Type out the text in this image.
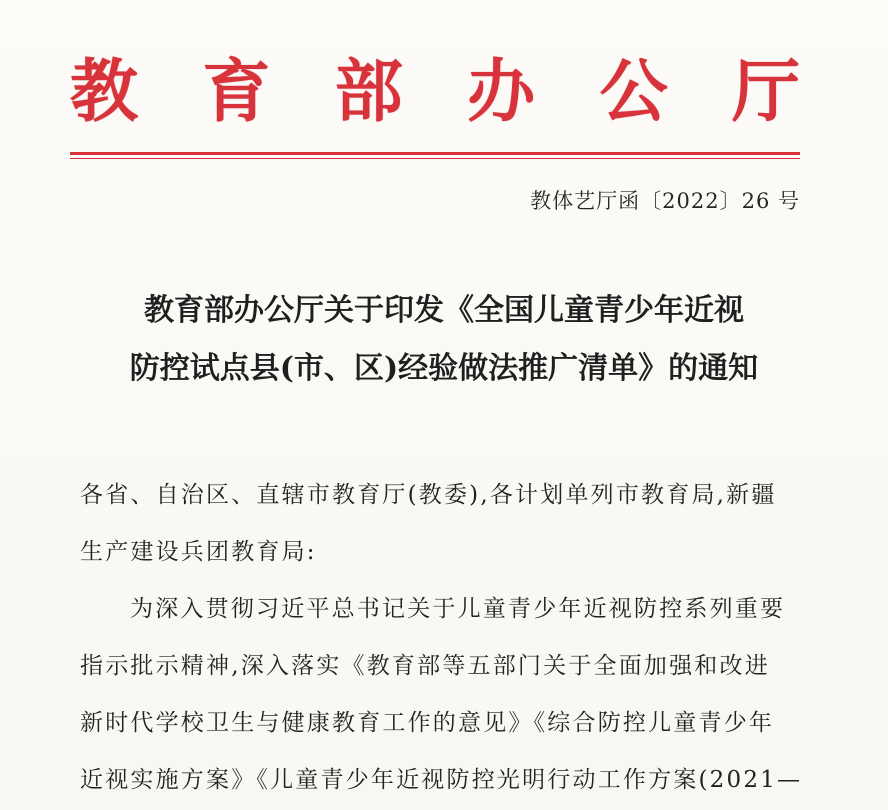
教 育 部 办 公 厅
教体艺厅函〔2022〕26 号
教育部办公厅关于印发《全国儿童青少年近视
防控试点县(市、区)经验做法推广清单》的通知
各省、自治区、直辖市教育厅(教委),各计划单列市教育局,新疆
生产建设兵团教育局:
为深入贯彻习近平总书记关于儿童青少年近视防控系列重要
指示批示精神,深入落实《教育部等五部门关于全面加强和改进
新时代学校卫生与健康教育工作的意见》《综合防控儿童青少年
近视实施方案》《儿童青少年近视防控光明行动工作方案(2021—
